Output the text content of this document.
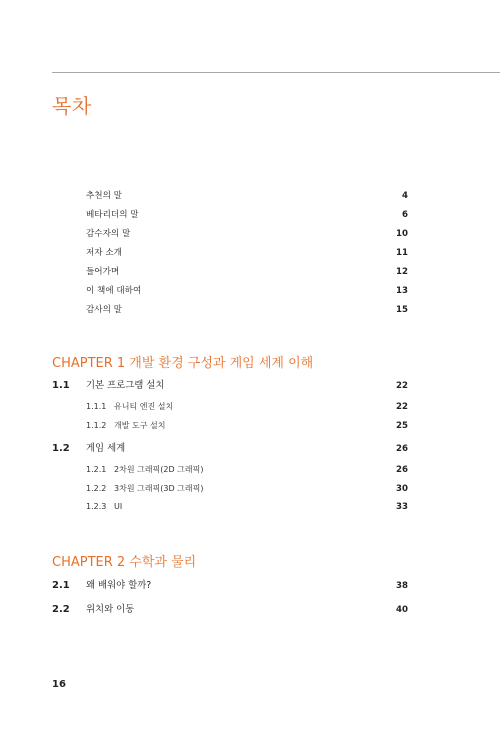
목차
추천의 말	4
베타리더의 말	6
감수자의 말	10
저자 소개	11
들어가며	12
이 책에 대하여	13
감사의 말	15
CHAPTER 1 개발 환경 구성과 게임 세계 이해
1.1 기본 프로그램 설치	22
1.1.1 유니티 엔진 설치	22
1.1.2 개발 도구 설치	25
1.2 게임 세계	26
1.2.1 2차원 그래픽(2D 그래픽)	26
1.2.2 3차원 그래픽(3D 그래픽)	30
1.2.3 UI	33
CHAPTER 2 수학과 물리
2.1 왜 배워야 할까?	38
2.2 위치와 이동	40
16
